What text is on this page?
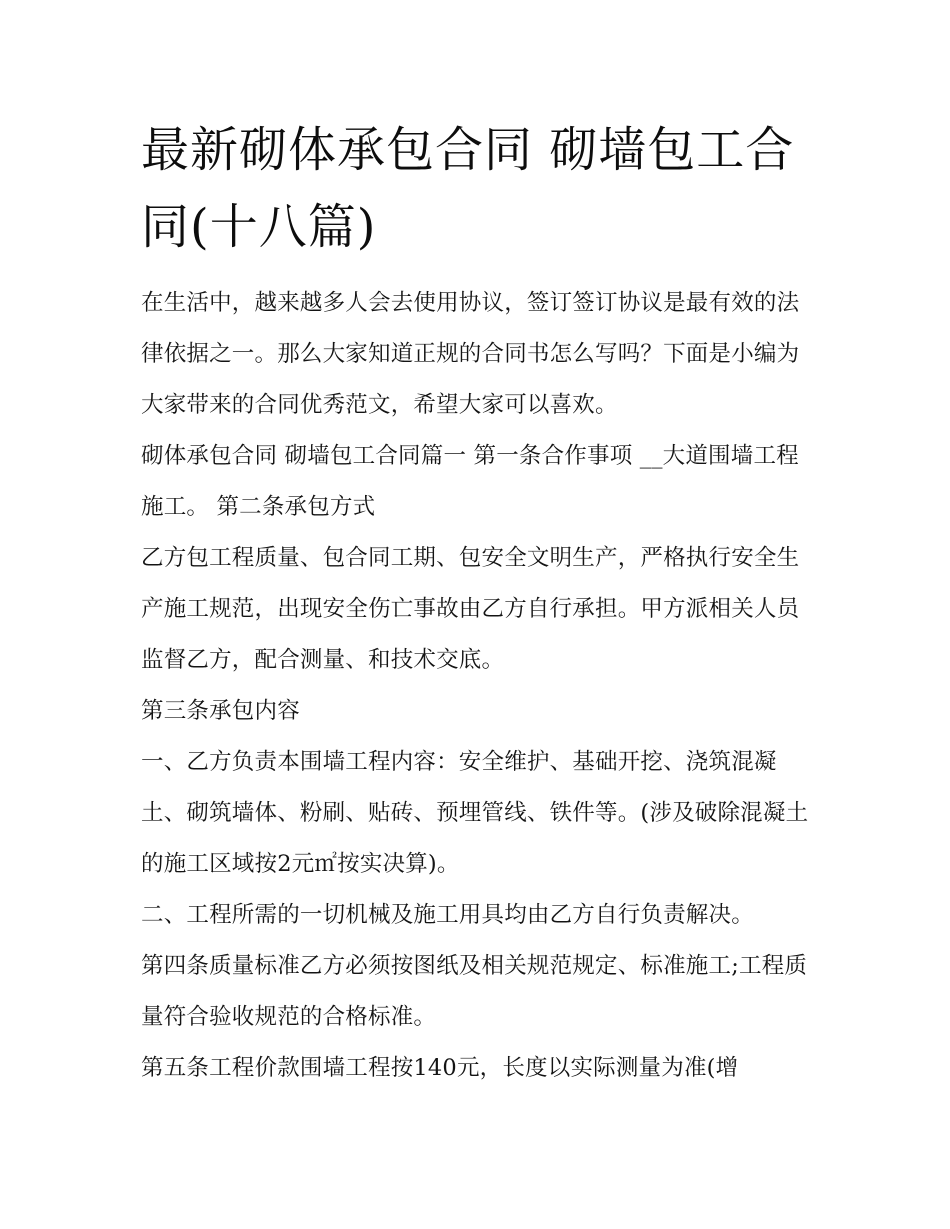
最新砌体承包合同 砌墙包工合同(十八篇)

在生活中，越来越多人会去使用协议，签订签订协议是最有效的法律依据之一。那么大家知道正规的合同书怎么写吗？下面是小编为大家带来的合同优秀范文，希望大家可以喜欢。

砌体承包合同 砌墙包工合同篇一 第一条合作事项 __大道围墙工程施工。 第二条承包方式

乙方包工程质量、包合同工期、包安全文明生产，严格执行安全生产施工规范，出现安全伤亡事故由乙方自行承担。甲方派相关人员监督乙方，配合测量、和技术交底。

第三条承包内容

一、乙方负责本围墙工程内容：安全维护、基础开挖、浇筑混凝土、砌筑墙体、粉刷、贴砖、预埋管线、铁件等。(涉及破除混凝土的施工区域按2元㎡按实决算)。

二、工程所需的一切机械及施工用具均由乙方自行负责解决。

第四条质量标准乙方必须按图纸及相关规范规定、标准施工;工程质量符合验收规范的合格标准。

第五条工程价款围墙工程按140元，长度以实际测量为准(增
